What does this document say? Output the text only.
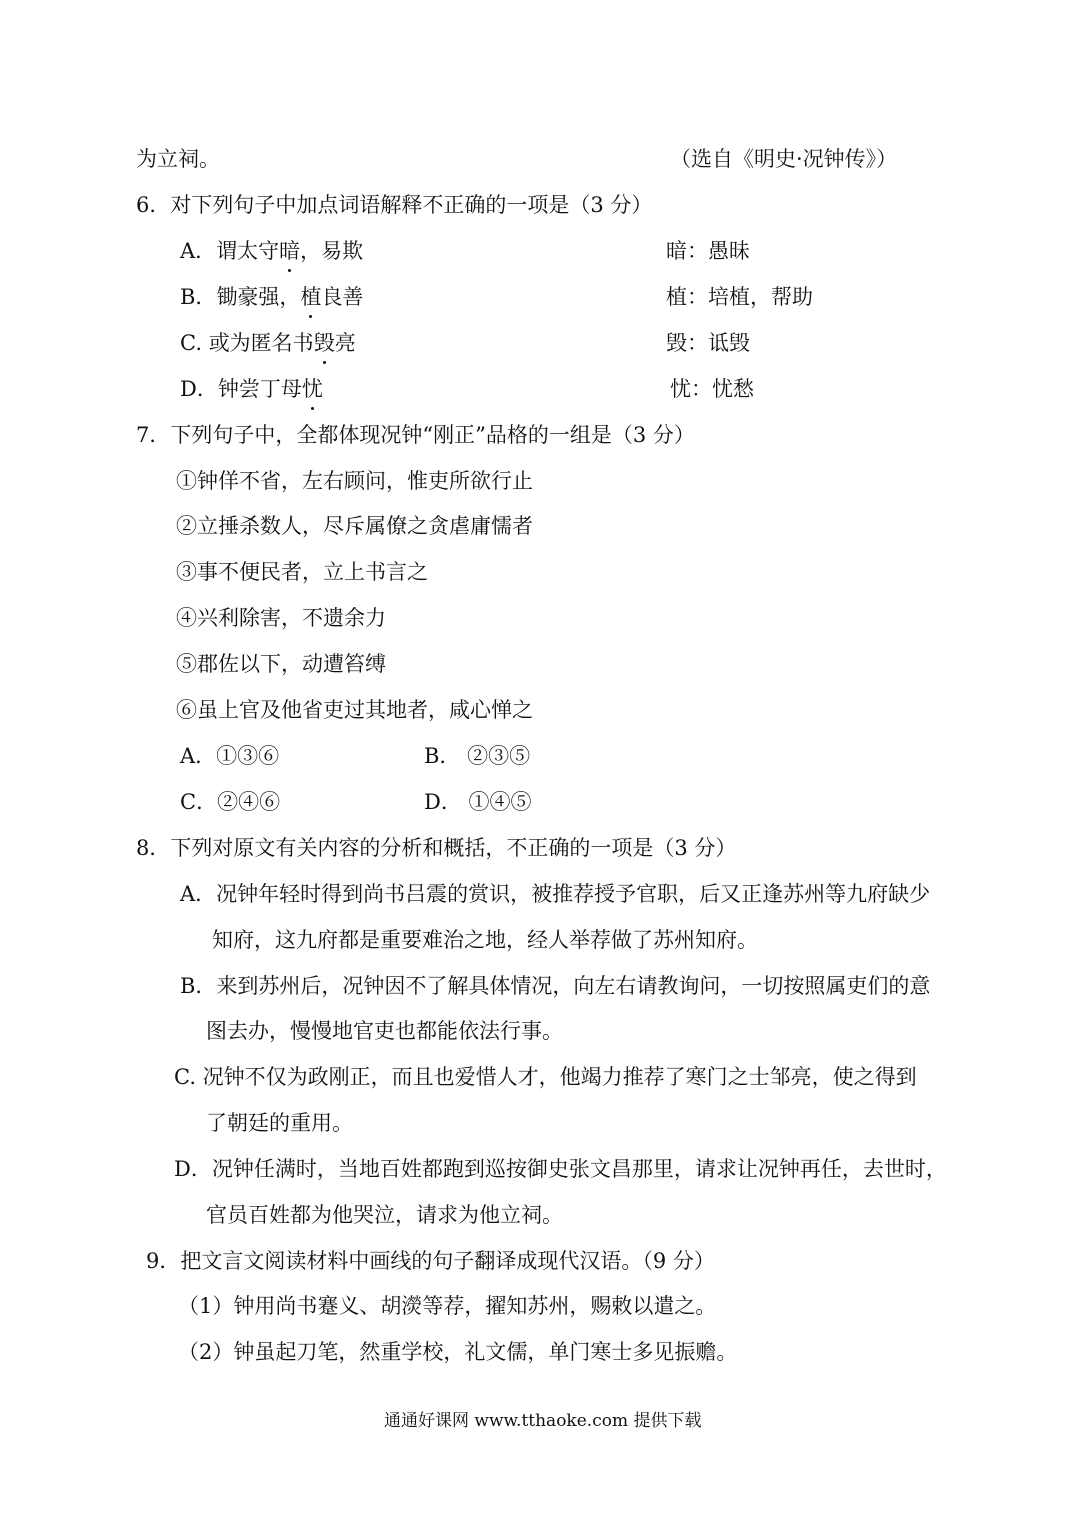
为立祠。	（选自《明史·况钟传》）
6．对下列句子中加点词语解释不正确的一项是（3 分）
A．谓太守暗，易欺	暗：愚昧
B．锄豪强，植良善	植：培植，帮助
C. 或为匿名书毁亮	毁：诋毁
D．钟尝丁母忧	忧：忧愁
7．下列句子中，全都体现况钟“刚正”品格的一组是（3 分）
①钟佯不省，左右顾问，惟吏所欲行止
②立捶杀数人，尽斥属僚之贪虐庸懦者
③事不便民者，立上书言之
④兴利除害，不遗余力
⑤郡佐以下，动遭笞缚
⑥虽上官及他省吏过其地者，咸心惮之
A．①③⑥	B． ②③⑤
C．②④⑥	D． ①④⑤
8．下列对原文有关内容的分析和概括，不正确的一项是（3 分）
A．况钟年轻时得到尚书吕震的赏识，被推荐授予官职，后又正逢苏州等九府缺少
知府，这九府都是重要难治之地，经人举荐做了苏州知府。
B．来到苏州后，况钟因不了解具体情况，向左右请教询问，一切按照属吏们的意
图去办，慢慢地官吏也都能依法行事。
C. 况钟不仅为政刚正，而且也爱惜人才，他竭力推荐了寒门之士邹亮，使之得到
了朝廷的重用。
D．况钟任满时，当地百姓都跑到巡按御史张文昌那里，请求让况钟再任，去世时，
官员百姓都为他哭泣，请求为他立祠。
9．把文言文阅读材料中画线的句子翻译成现代汉语。（9 分）
（1）钟用尚书蹇义、胡濙等荐，擢知苏州，赐敕以遣之。
（2）钟虽起刀笔，然重学校，礼文儒，单门寒士多见振赡。
通通好课网 www.tthaoke.com 提供下载
